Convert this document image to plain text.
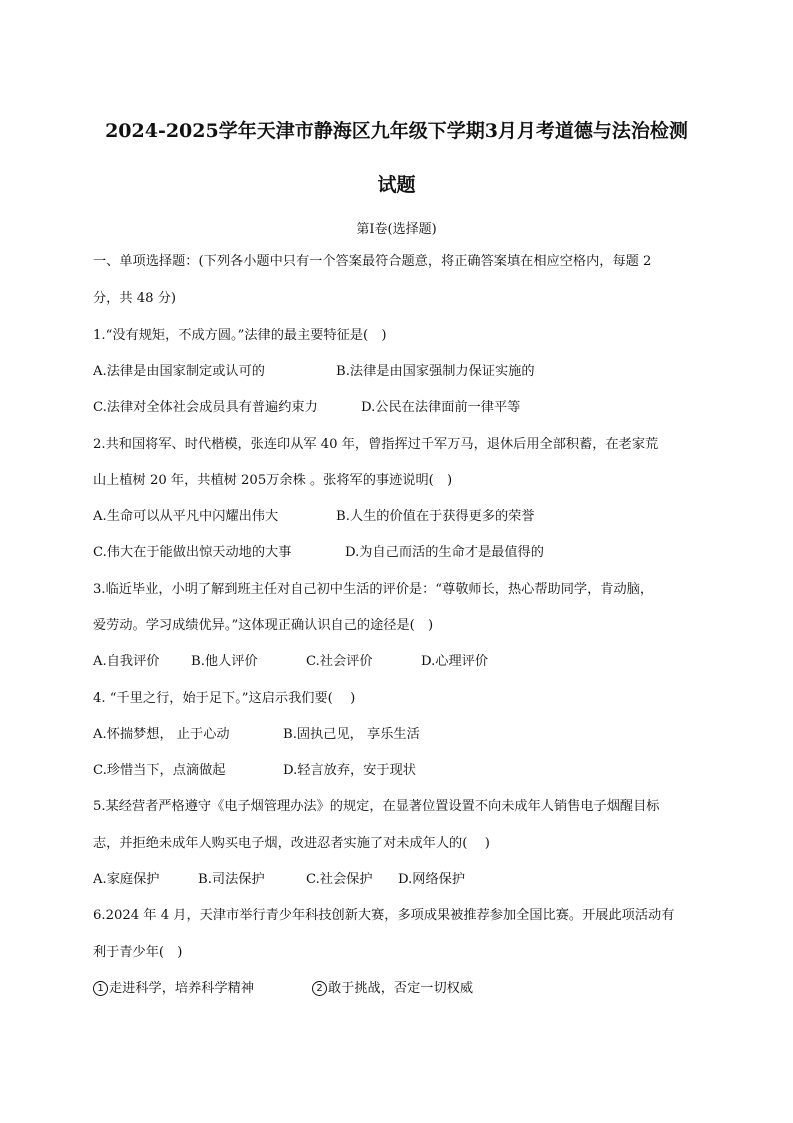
2024-2025学年天津市静海区九年级下学期3月月考道德与法治检测
试题
第Ⅰ卷(选择题)
一、单项选择题：(下列各小题中只有一个答案最符合题意，将正确答案填在相应空格内，每题 2
分，共 48 分)
1.“没有规矩，不成方圆。”法律的最主要特征是(　)
A.法律是由国家制定或认可的	B.法律是由国家强制力保证实施的
C.法律对全体社会成员具有普遍约束力	D.公民在法律面前一律平等
2.共和国将军、时代楷模，张连印从军 40 年，曾指挥过千军万马，退休后用全部积蓄，在老家荒
山上植树 20 年，共植树 205万余株 。张将军的事迹说明(　)
A.生命可以从平凡中闪耀出伟大	B.人生的价值在于获得更多的荣誉
C.伟大在于能做出惊天动地的大事	D.为自己而活的生命才是最值得的
3.临近毕业，小明了解到班主任对自己初中生活的评价是：“尊敬师长，热心帮助同学，肯动脑，
爱劳动。学习成绩优异。”这体现正确认识自己的途径是(　)
A.自我评价 B.他人评价	C.社会评价	D.心理评价
4. “千里之行，始于足下。”这启示我们要(　 )
A.怀揣梦想， 止于心动	B.固执己见， 享乐生活
C.珍惜当下，点滴做起	D.轻言放弃，安于现状
5.某经营者严格遵守《电子烟管理办法》的规定，在显著位置设置不向未成年人销售电子烟醒目标
志，并拒绝未成年人购买电子烟，改进忍者实施了对未成年人的(　 )
A.家庭保护	B.司法保护	C.社会保护 D.网络保护
6.2024 年 4 月，天津市举行青少年科技创新大赛，多项成果被推荐参加全国比赛。开展此项活动有
利于青少年(　)
1 走进科学，培养科学精神	2 敢于挑战，否定一切权威
